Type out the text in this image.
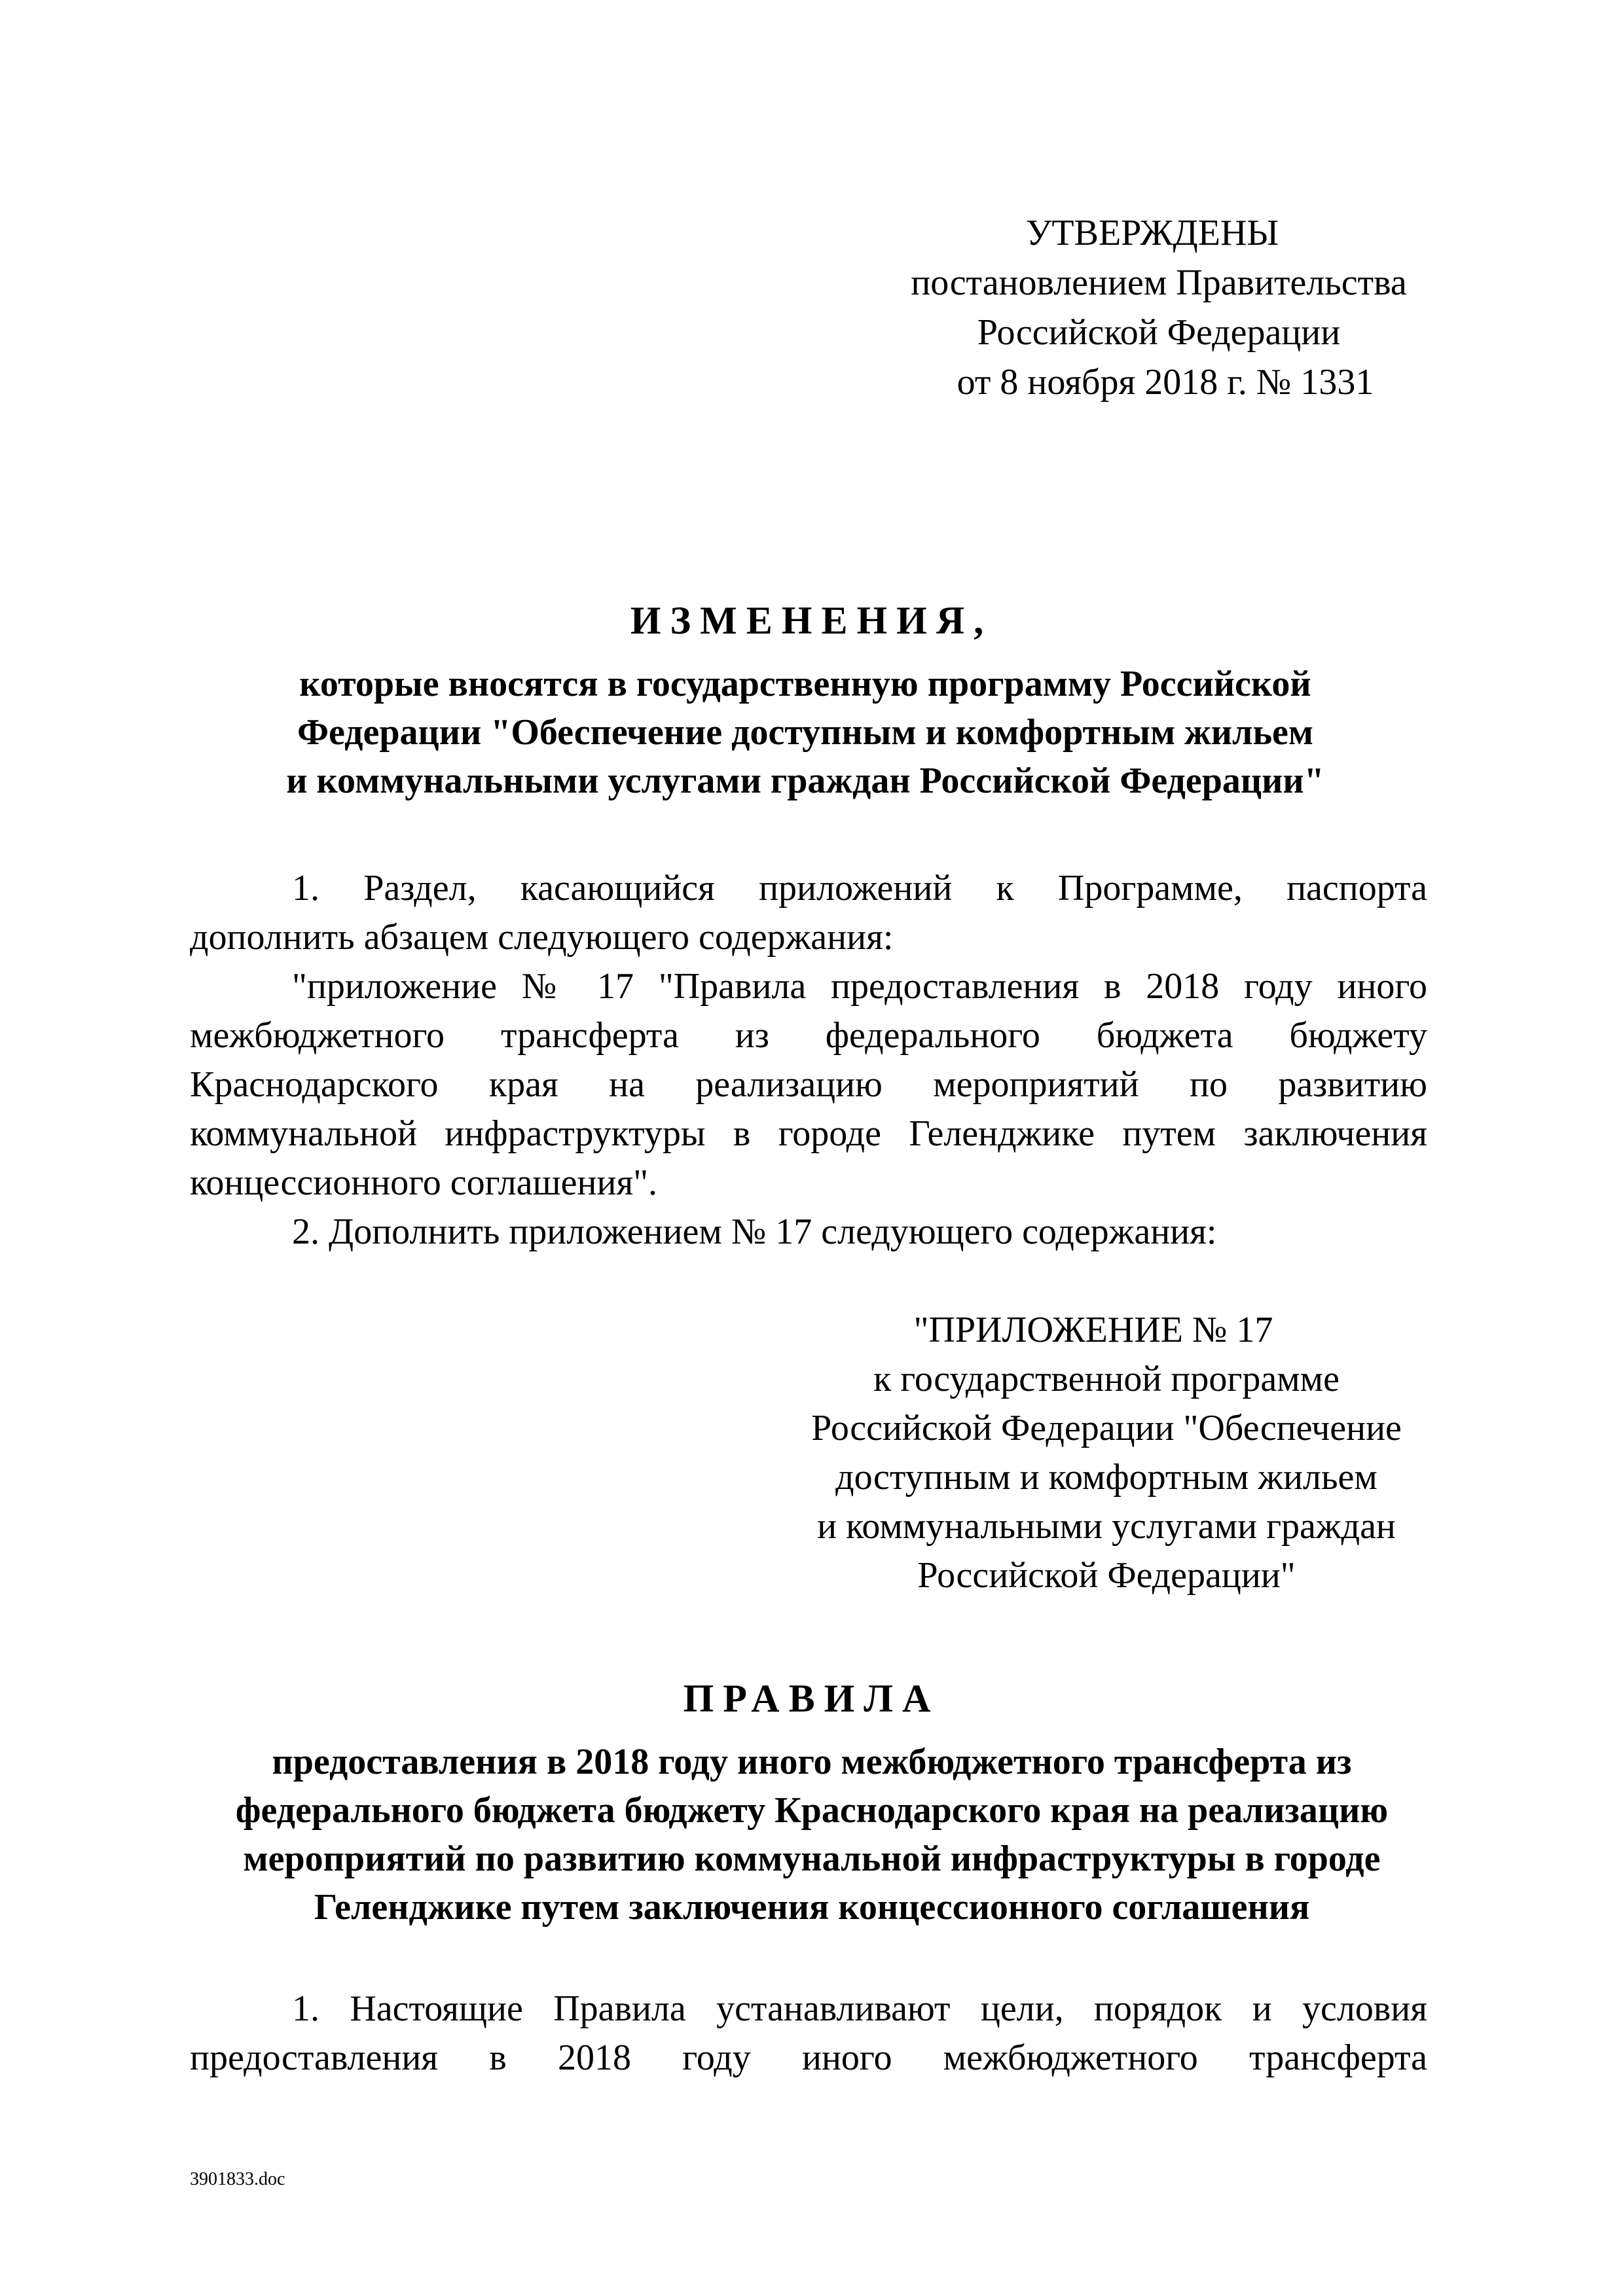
УТВЕРЖДЕНЫ
постановлением Правительства
Российской Федерации
от 8 ноября 2018 г. № 1331
ИЗМЕНЕНИЯ,
которые вносятся в государственную программу Российской
Федерации "Обеспечение доступным и комфортным жильем
и коммунальными услугами граждан Российской Федерации"
1. Раздел, касающийся приложений к Программе, паспорта
дополнить абзацем следующего содержания:
"приложение № 17 "Правила предоставления в 2018 году иного
межбюджетного трансферта из федерального бюджета бюджету
Краснодарского края на реализацию мероприятий по развитию
коммунальной инфраструктуры в городе Геленджике путем заключения
концессионного соглашения".
2. Дополнить приложением № 17 следующего содержания:
"ПРИЛОЖЕНИЕ № 17
к государственной программе
Российской Федерации "Обеспечение
доступным и комфортным жильем
и коммунальными услугами граждан
Российской Федерации"
ПРАВИЛА
предоставления в 2018 году иного межбюджетного трансферта из
федерального бюджета бюджету Краснодарского края на реализацию
мероприятий по развитию коммунальной инфраструктуры в городе
Геленджике путем заключения концессионного соглашения
1. Настоящие Правила устанавливают цели, порядок и условия
предоставления в 2018 году иного межбюджетного трансферта
3901833.doc
